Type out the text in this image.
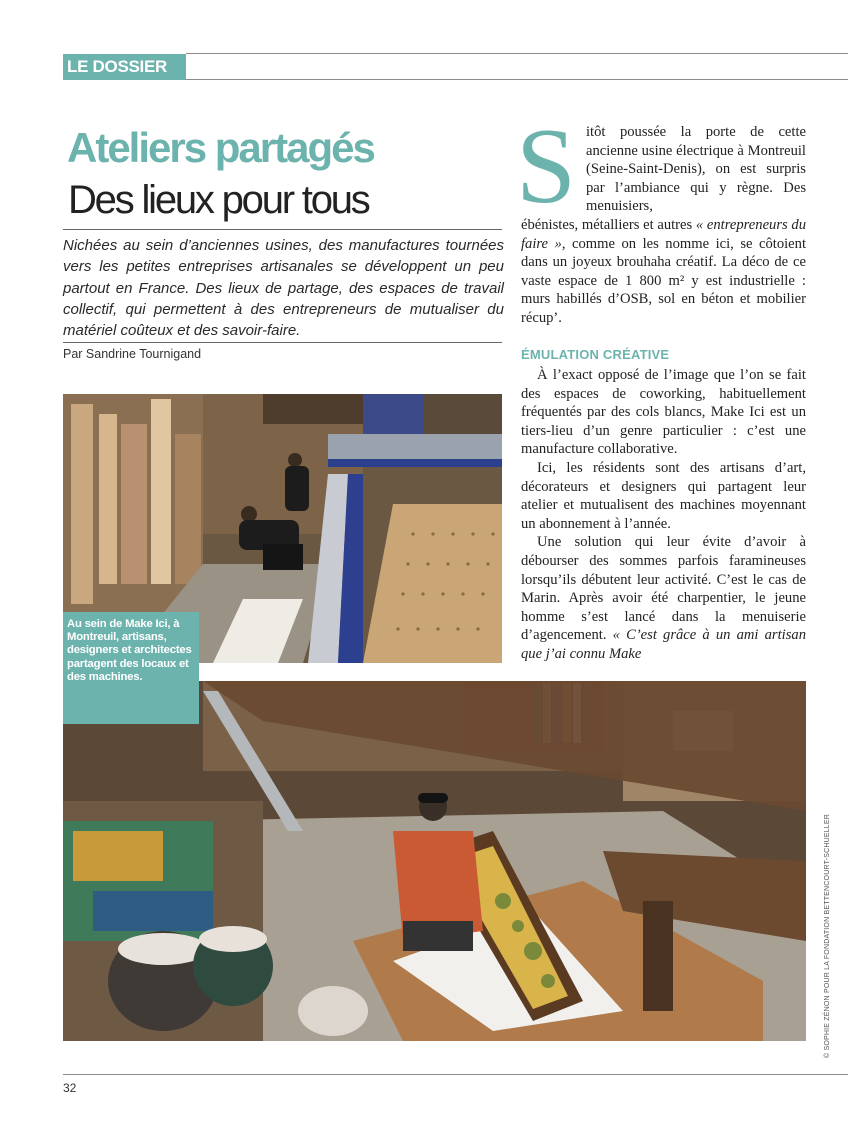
LE DOSSIER
Ateliers partagés
Des lieux pour tous
Nichées au sein d’anciennes usines, des manufactures tournées vers les petites entreprises artisanales se développent un peu partout en France. Des lieux de partage, des espaces de travail collectif, qui permettent à des entrepreneurs de mutualiser du matériel coûteux et des savoir-faire.
Par Sandrine Tournigand
S itôt poussée la porte de cette ancienne usine électrique à Montreuil (Seine-Saint-Denis), on est surpris par l’ambiance qui y règne. Des menuisiers,
ébénistes, métalliers et autres « entrepreneurs du faire », comme on les nomme ici, se côtoient dans un joyeux brouhaha créatif. La déco de ce vaste espace de 1 800 m² y est industrielle : murs habillés d’OSB, sol en béton et mobilier récup’.
ÉMULATION CRÉATIVE

À l’exact opposé de l’image que l’on se fait des espaces de coworking, habituellement fréquentés par des cols blancs, Make Ici est un tiers-lieu d’un genre particulier : c’est une manufacture collaborative.

Ici, les résidents sont des artisans d’art, décorateurs et designers qui partagent leur atelier et mutualisent des machines moyennant un abonnement à l’année.

Une solution qui leur évite d’avoir à débourser des sommes parfois faramineuses lorsqu’ils débutent leur activité. C’est le cas de Marin. Après avoir été charpentier, le jeune homme s’est lancé dans la menuiserie d’agencement. « C’est grâce à un ami artisan que j’ai connu Make

Au sein de Make Ici, à Montreuil, artisans, designers et architectes partagent des locaux et des machines.
© SOPHIE ZÉNON POUR LA FONDATION BETTENCOURT-SCHUELLER
32
